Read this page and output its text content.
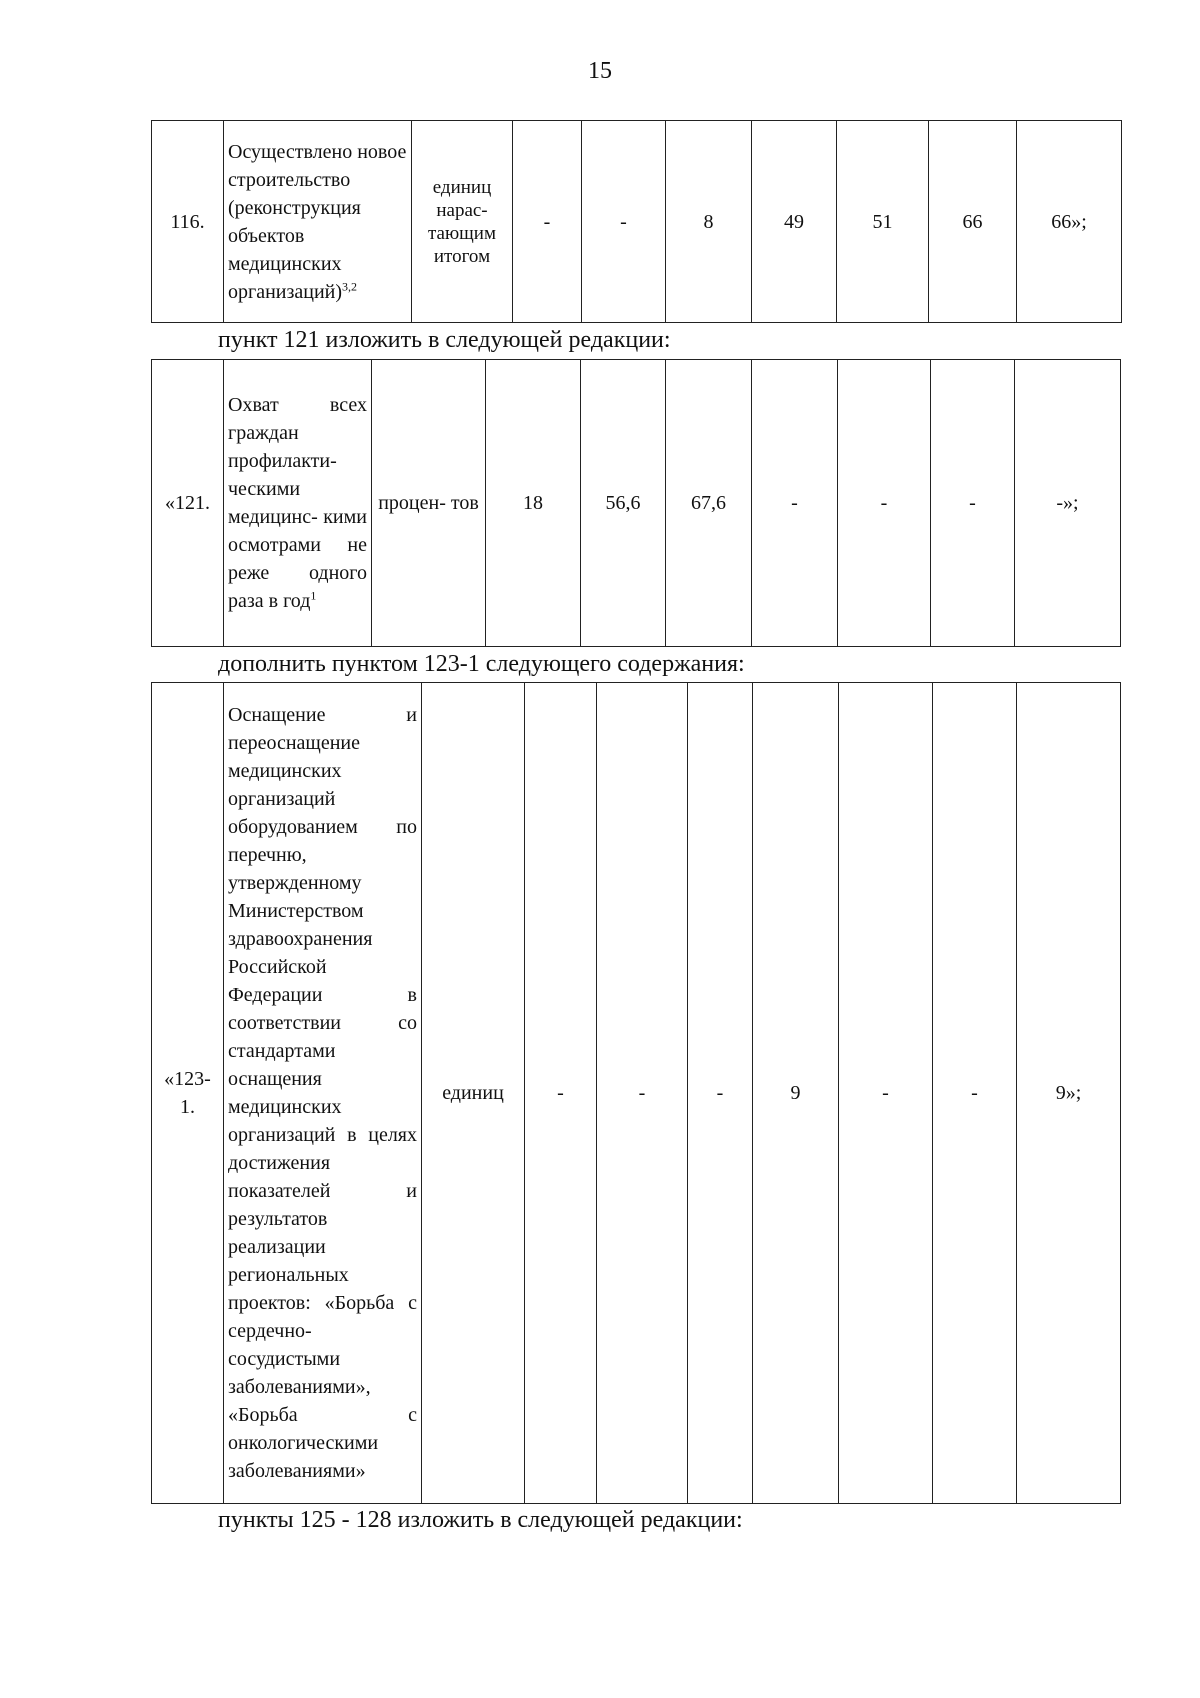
15
116.	Осуществлено новое строительство (реконструкция объектов медицинских организаций)$^{3,2}$	единиц нарас- тающим итогом	-	-	8	49	51	66	66»;
пункт 121 изложить в следующей редакции:
«121.	Охват всех граждан профилакти- ческими медицинс- кими осмотрами не реже одного раза в год$^1$	процен- тов	18	56,6	67,6	-	-	-	-»;
дополнить пунктом 123-1 следующего содержания:
«123- 1.	Оснащение и переоснащение медицинских организаций оборудованием по перечню, утвержденному Министерством здравоохранения Российской Федерации в соответствии со стандартами оснащения медицинских организаций в целях достижения показателей и результатов реализации региональных проектов: «Борьба с сердечно- сосудистыми заболеваниями», «Борьба с онкологическими заболеваниями»	единиц	-	-	-	9	-	-	9»;
пункты 125 - 128 изложить в следующей редакции:
